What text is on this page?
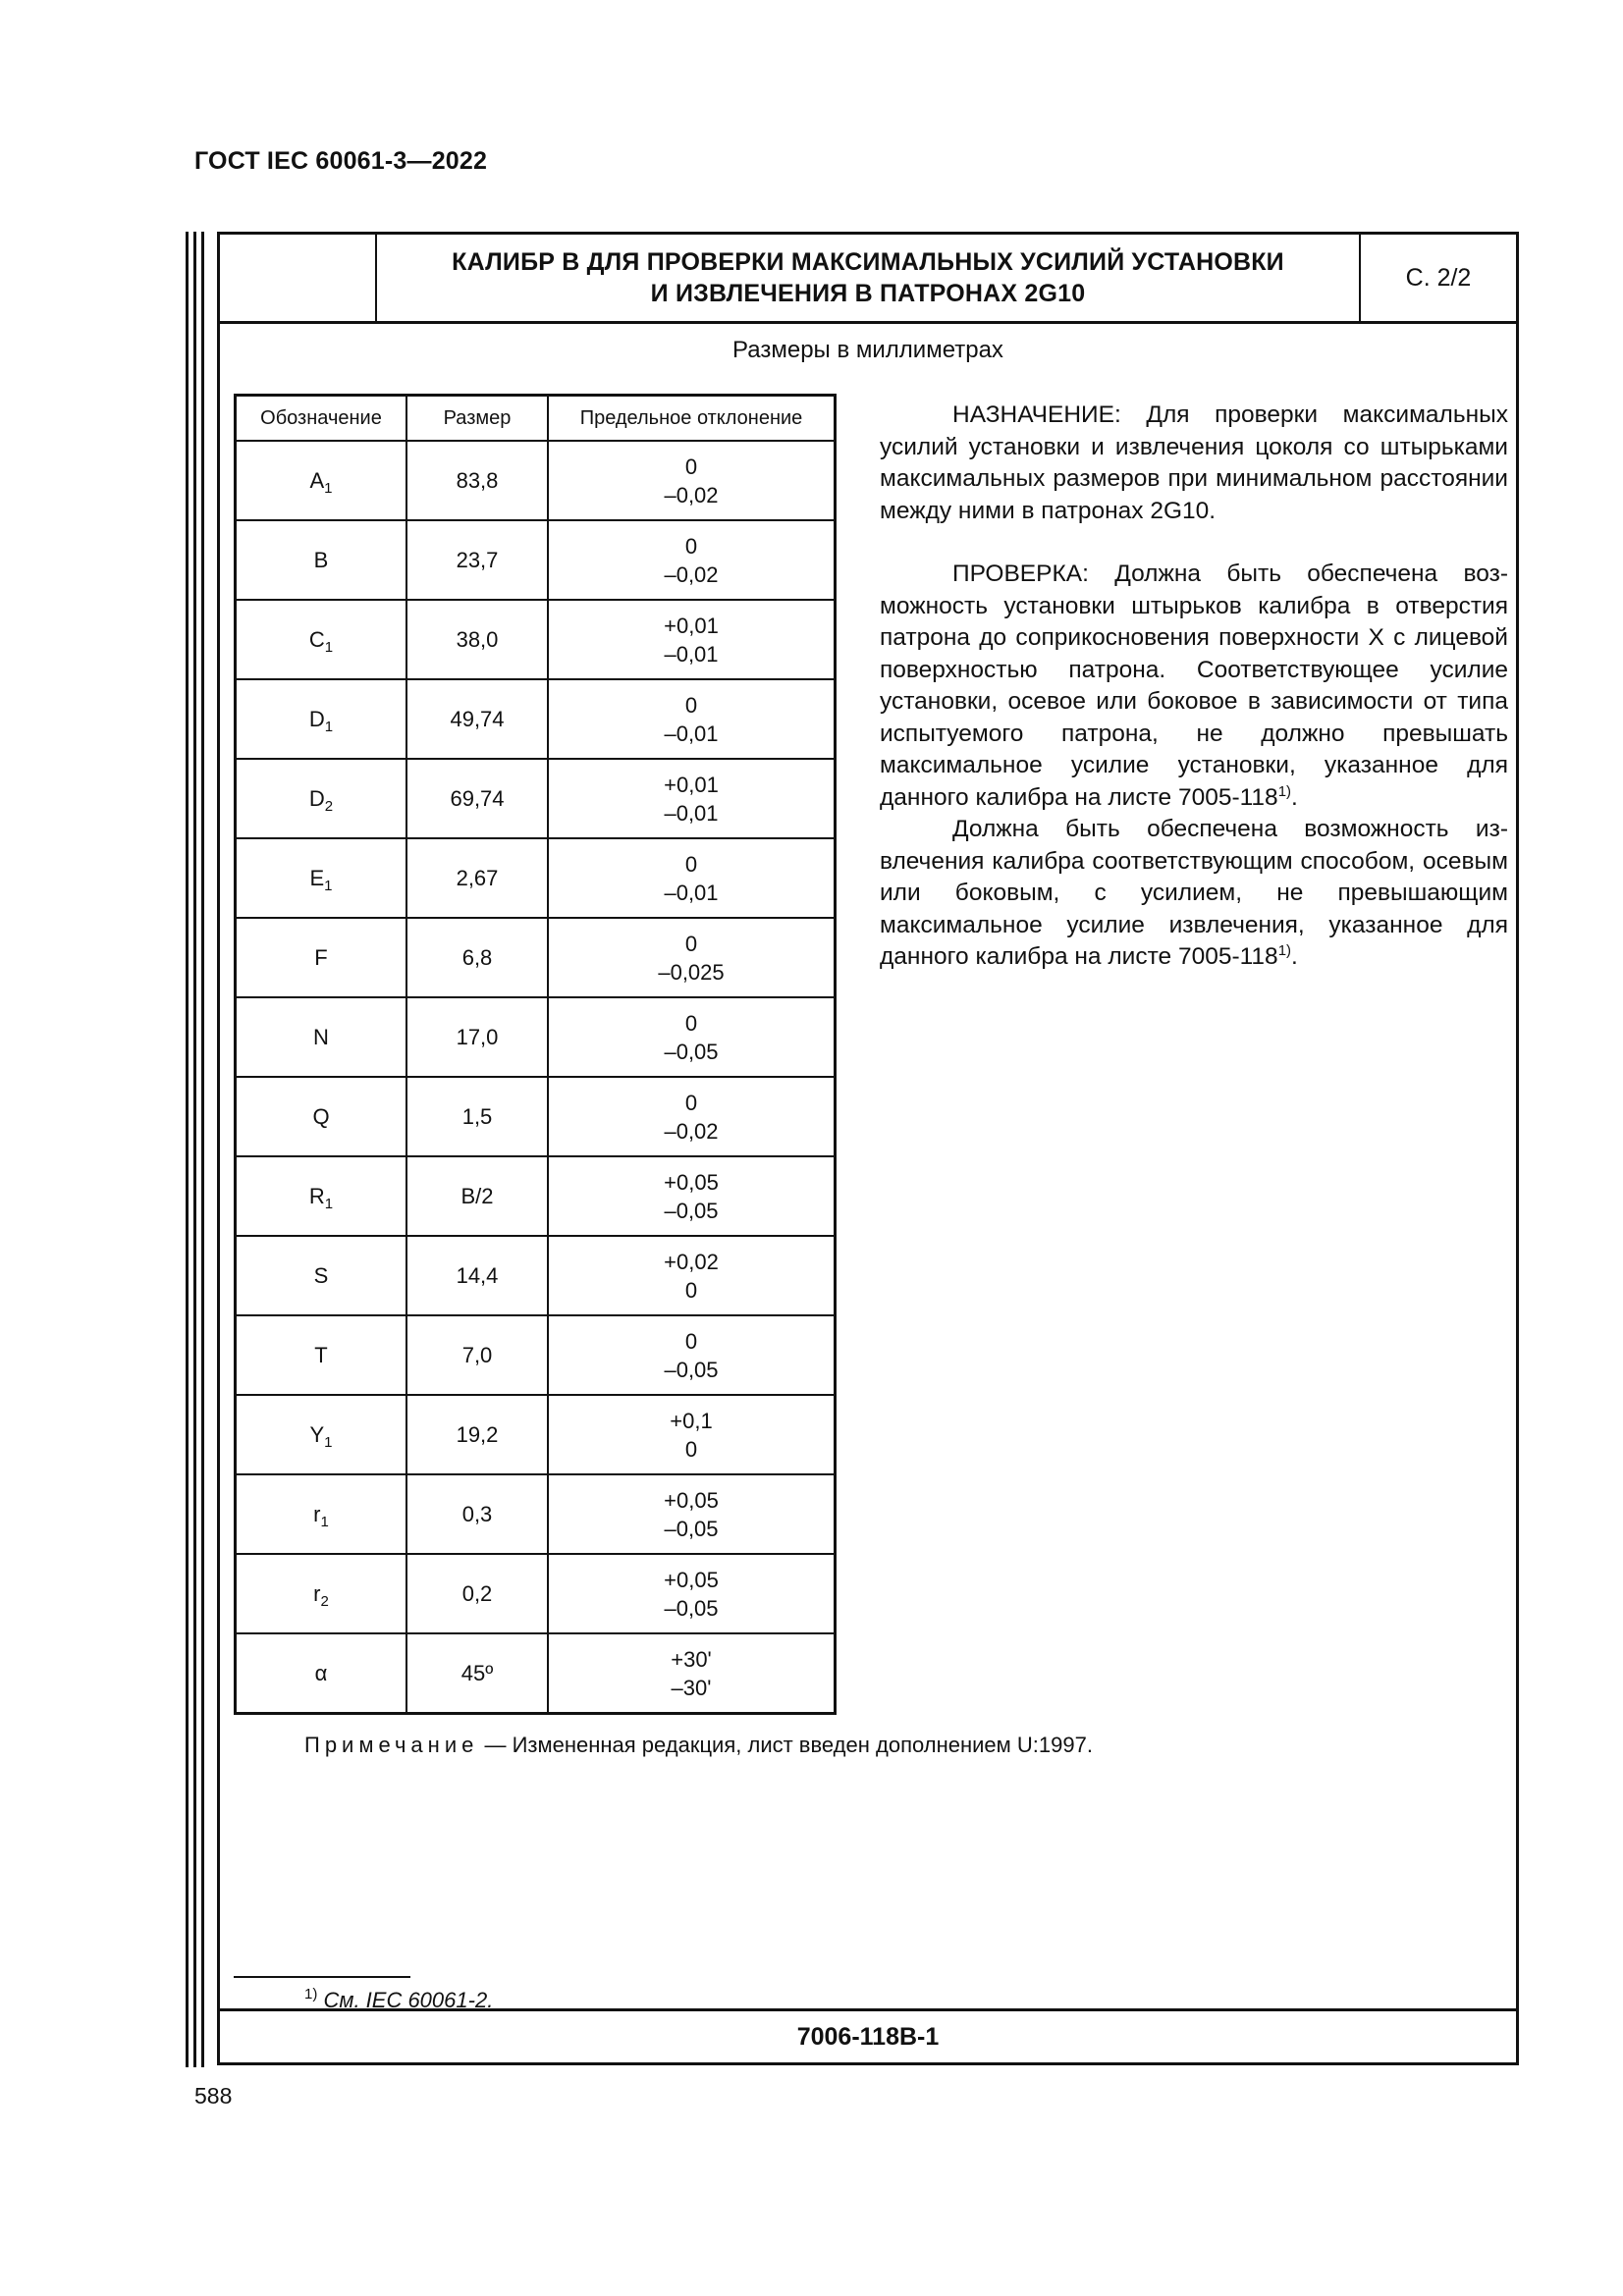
ГОСТ IEC 60061-3—2022
КАЛИБР В ДЛЯ ПРОВЕРКИ МАКСИМАЛЬНЫХ УСИЛИЙ УСТАНОВКИ
И ИЗВЛЕЧЕНИЯ В ПАТРОНАХ 2G10
С. 2/2
Размеры в миллиметрах
Обозначение	Размер	Предельное отклонение
$A_1$	83,8	0
–0,02

B	23,7	0
–0,02

$C_1$	38,0	+0,01
–0,01

$D_1$	49,74	0
–0,01

$D_2$	69,74	+0,01
–0,01

$E_1$	2,67	0
–0,01

F	6,8	0
–0,025

N	17,0	0
–0,05

Q	1,5	0
–0,02

$R_1$	B/2	+0,05
–0,05

S	14,4	+0,02
0

T	7,0	0
–0,05

$Y_1$	19,2	+0,1
0

$r_1$	0,3	+0,05
–0,05

$r_2$	0,2	+0,05
–0,05

α	45º	+30'
–30'

НАЗНАЧЕНИЕ: Для проверки максимальных усилий установки и извлечения цоколя со штырьками максимальных размеров при минимальном расстоянии между ними в патронах 2G10.

ПРОВЕРКА: Должна быть обеспечена возможность установки штырьков калибра в отверстия патрона до соприкосновения поверхности X с лицевой поверхностью патрона. Соответствующее усилие установки, осевое или боковое в зависимости от типа испытуемого патрона, не должно превышать максимальное усилие установки, указанное для данного калибра на листе 7005-118$^{1)}$.

Должна быть обеспечена возможность извлечения калибра соответствующим способом, осевым или боковым, с усилием, не превышающим максимальное усилие извлечения, указанное для данного калибра на листе 7005-118$^{1)}$.

Примечание — Измененная редакция, лист введен дополнением U:1997.
$^{1)}$ См. IEC 60061-2.
7006-118B-1
588
